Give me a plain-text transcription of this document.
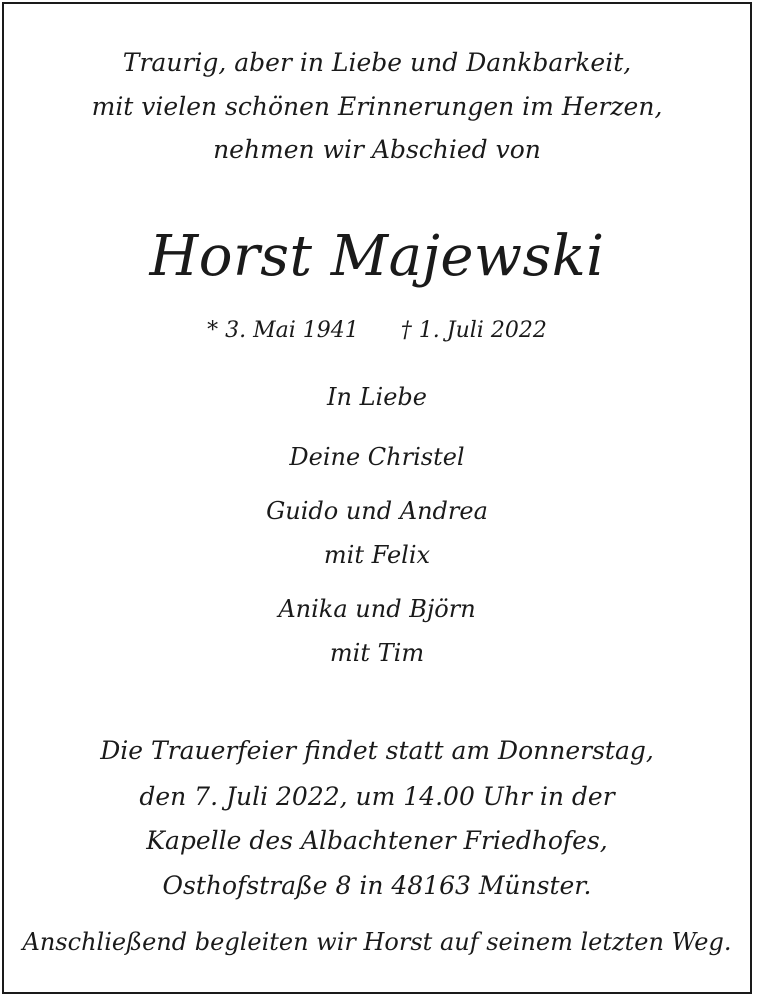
Traurig, aber in Liebe und Dankbarkeit,
mit vielen schönen Erinnerungen im Herzen,
nehmen wir Abschied von
Horst Majewski
* 3. Mai 1941 † 1. Juli 2022
In Liebe
Deine Christel
Guido und Andrea
mit Felix
Anika und Björn
mit Tim
Die Trauerfeier findet statt am Donnerstag,
den 7. Juli 2022, um 14.00 Uhr in der
Kapelle des Albachtener Friedhofes,
Osthofstraße 8 in 48163 Münster.
Anschließend begleiten wir Horst auf seinem letzten Weg.
